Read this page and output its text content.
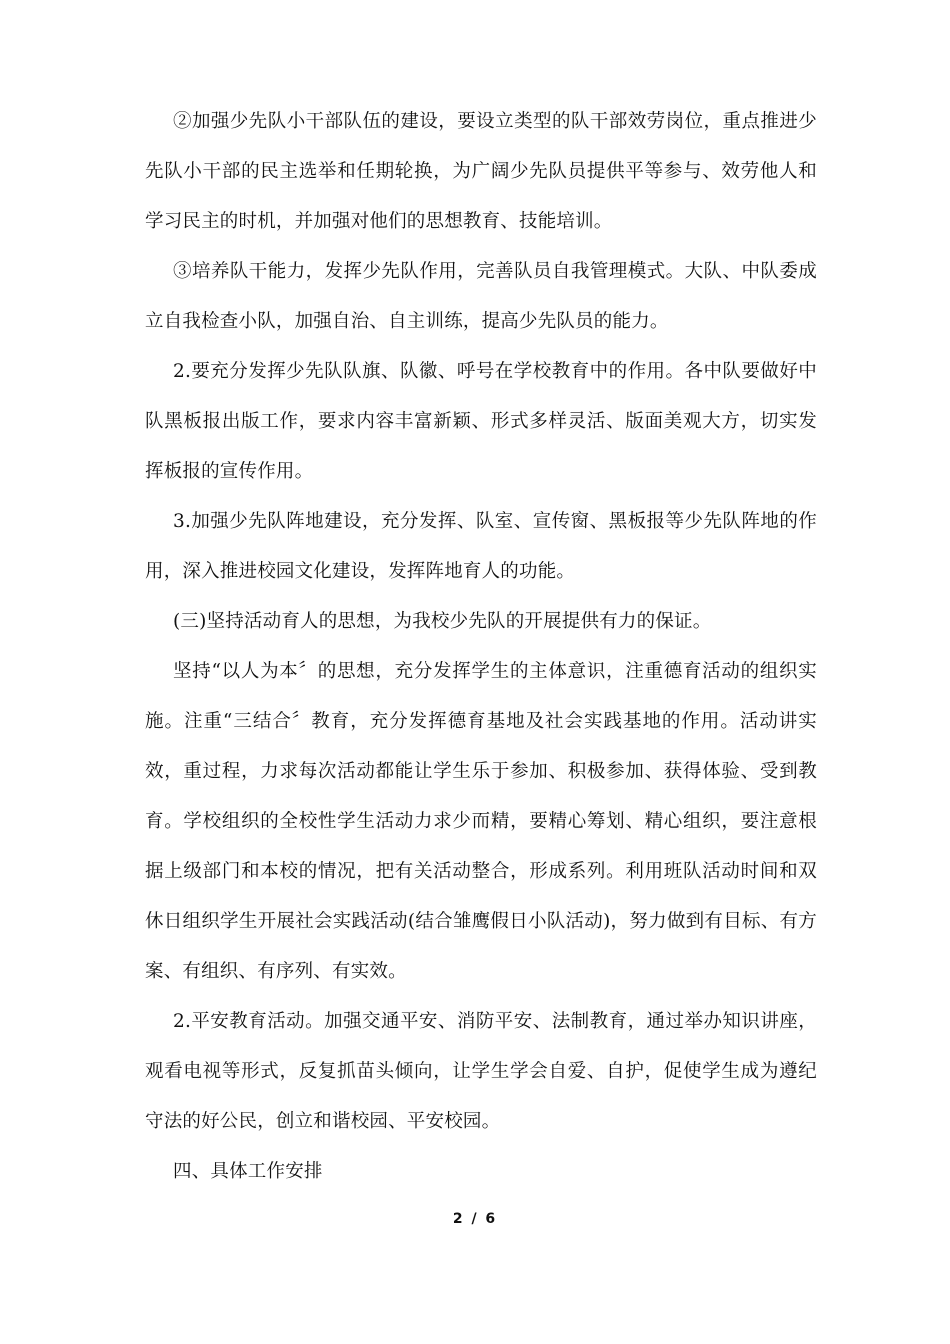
②加强少先队小干部队伍的建设，要设立类型的队干部效劳岗位，重点推进少先队小干部的民主选举和任期轮换，为广阔少先队员提供平等参与、效劳他人和学习民主的时机，并加强对他们的思想教育、技能培训。

③培养队干能力，发挥少先队作用，完善队员自我管理模式。大队、中队委成立自我检查小队，加强自治、自主训练，提高少先队员的能力。

2.要充分发挥少先队队旗、队徽、呼号在学校教育中的作用。各中队要做好中队黑板报出版工作，要求内容丰富新颖、形式多样灵活、版面美观大方，切实发挥板报的宣传作用。

3.加强少先队阵地建设，充分发挥、队室、宣传窗、黑板报等少先队阵地的作用，深入推进校园文化建设，发挥阵地育人的功能。

(三)坚持活动育人的思想，为我校少先队的开展提供有力的保证。

坚持“以人为本〞的思想，充分发挥学生的主体意识，注重德育活动的组织实施。注重“三结合〞教育，充分发挥德育基地及社会实践基地的作用。活动讲实效，重过程，力求每次活动都能让学生乐于参加、积极参加、获得体验、受到教育。学校组织的全校性学生活动力求少而精，要精心筹划、精心组织，要注意根据上级部门和本校的情况，把有关活动整合，形成系列。利用班队活动时间和双休日组织学生开展社会实践活动(结合雏鹰假日小队活动)，努力做到有目标、有方案、有组织、有序列、有实效。

2.平安教育活动。加强交通平安、消防平安、法制教育，通过举办知识讲座，观看电视等形式，反复抓苗头倾向，让学生学会自爱、自护，促使学生成为遵纪守法的好公民，创立和谐校园、平安校园。

四、具体工作安排

2 / 6
